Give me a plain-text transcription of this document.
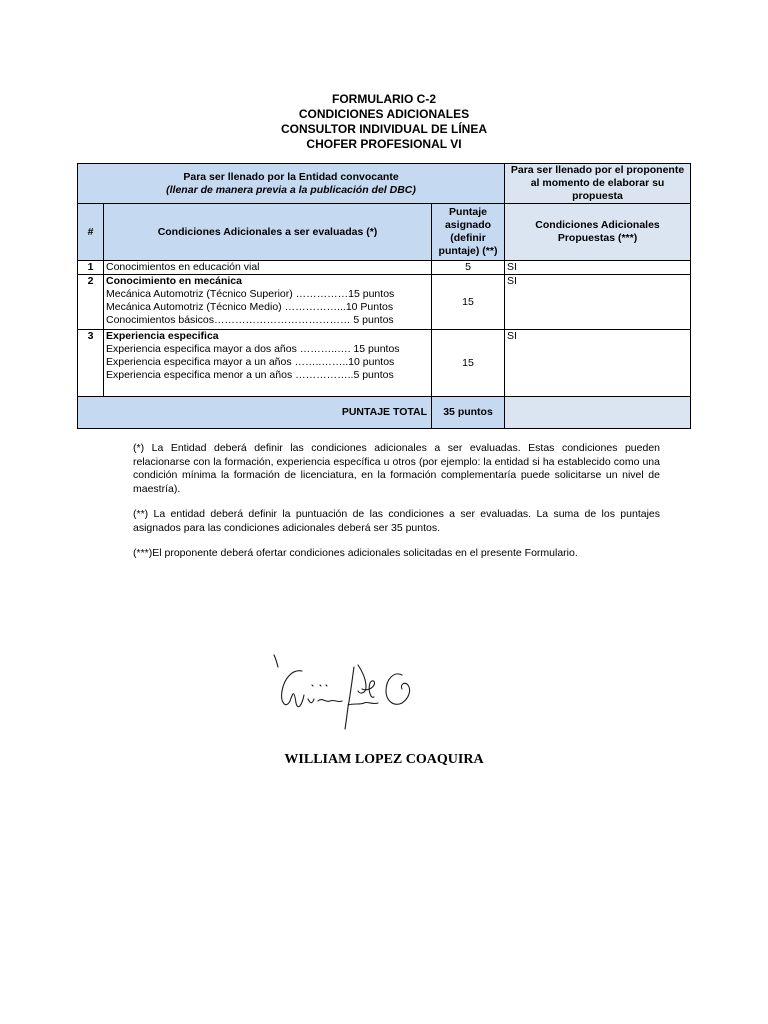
FORMULARIO C-2
CONDICIONES ADICIONALES
CONSULTOR INDIVIDUAL DE LÍNEA
CHOFER PROFESIONAL VI
Para ser llenado por la Entidad convocante
(llenar de manera previa a la publicación del DBC)			Para ser llenado por el proponente al momento de elaborar su propuesta
#	Condiciones Adicionales a ser evaluadas (*)	Puntaje asignado (definir puntaje) (**)	Condiciones Adicionales Propuestas (***)
1	Conocimientos en educación vial	5	SI
2	Conocimiento en mecánica
Mecánica Automotriz (Técnico Superior) ……………15 puntos
Mecánica Automotriz (Técnico Medio) ……………...10 Puntos
Conocimientos básicos………………………………… 5 puntos	15	SI
3	Experiencia especifica
Experiencia especifica mayor a dos años ………..…. 15 puntos
Experiencia especifica mayor a un años ……..……..10 puntos
Experiencia especifica menor a un años ……………..5 puntos	15	SI
PUNTAJE TOTAL		35 puntos	

(*) La Entidad deberá definir las condiciones adicionales a ser evaluadas. Estas condiciones pueden relacionarse con la formación, experiencia específica u otros (por ejemplo: la entidad si ha establecido como una condición mínima la formación de licenciatura, en la formación complementaría puede solicitarse un nivel de maestría).

(**) La entidad deberá definir la puntuación de las condiciones a ser evaluadas. La suma de los puntajes asignados para las condiciones adicionales deberá ser 35 puntos.

(***)El proponente deberá ofertar condiciones adicionales solicitadas en el presente Formulario.

WILLIAM LOPEZ COAQUIRA
